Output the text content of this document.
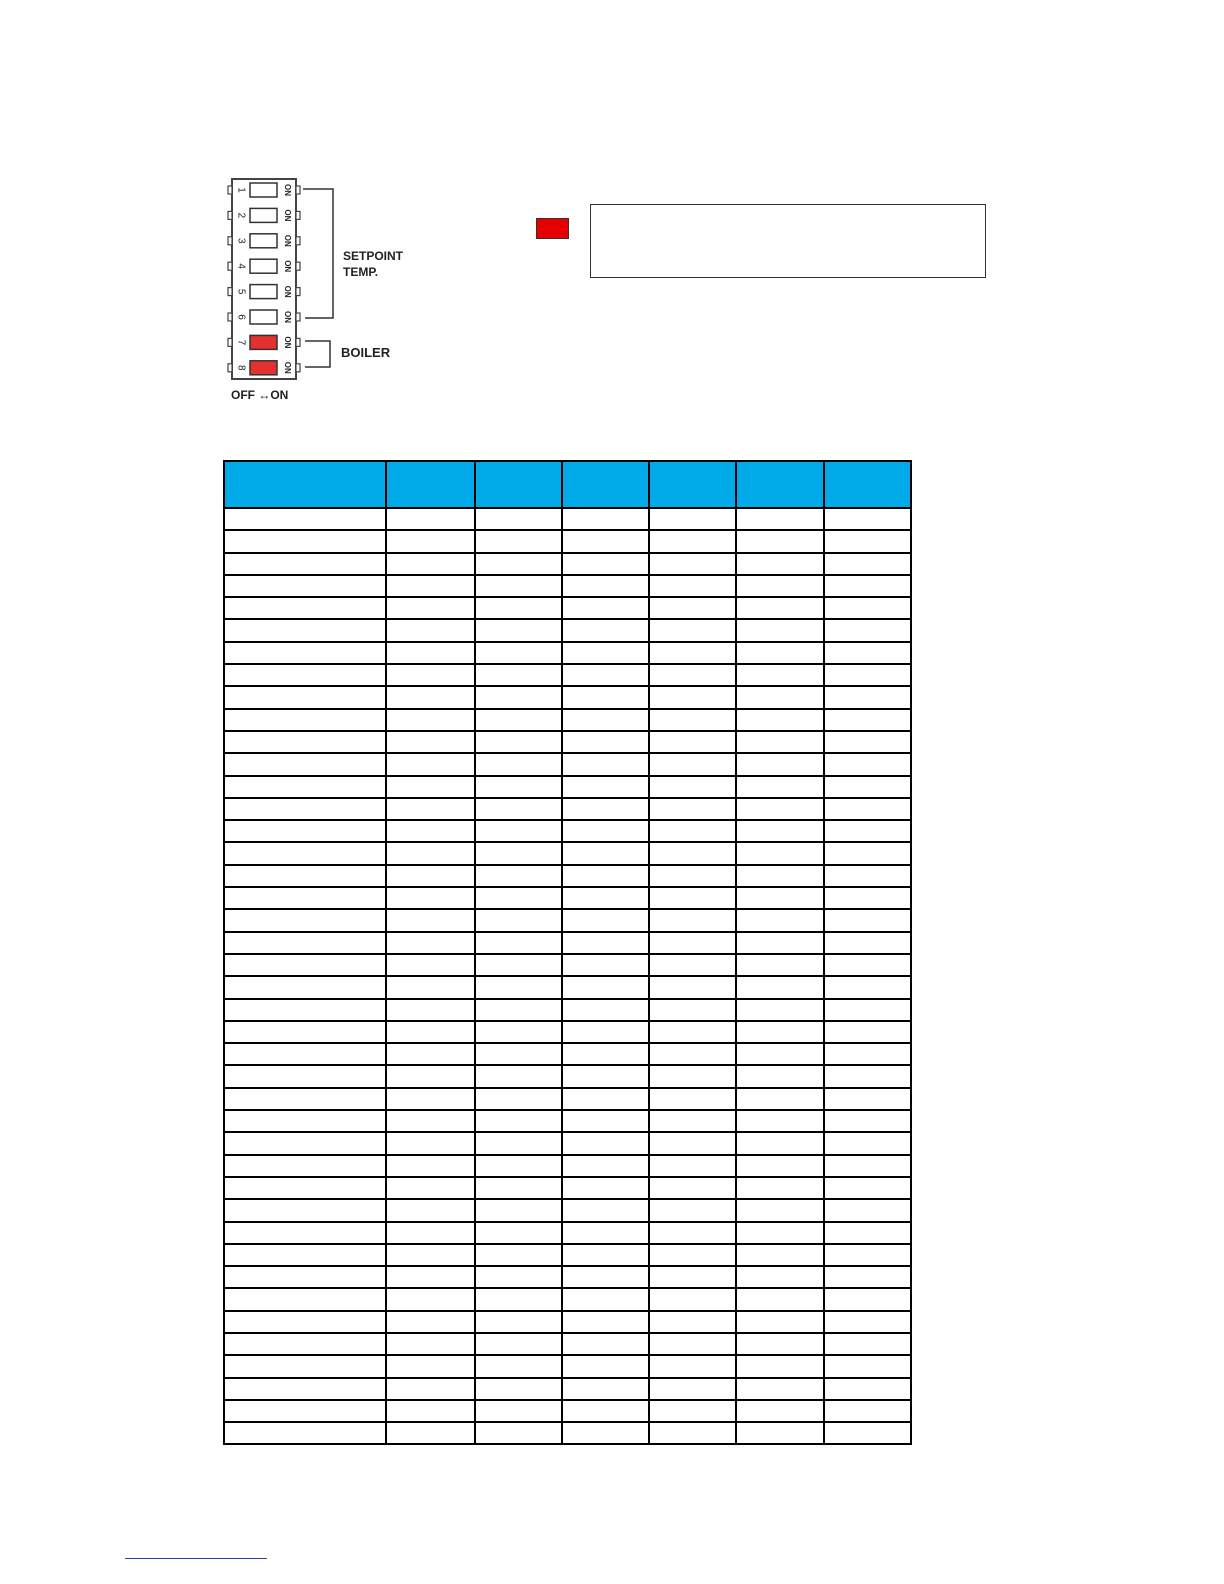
1	ON
2	ON
3	ON
4	ON
5	ON
6	ON
7	ON
8	ON
SETPOINT
TEMP.
BOILER
OFF ↔ON
